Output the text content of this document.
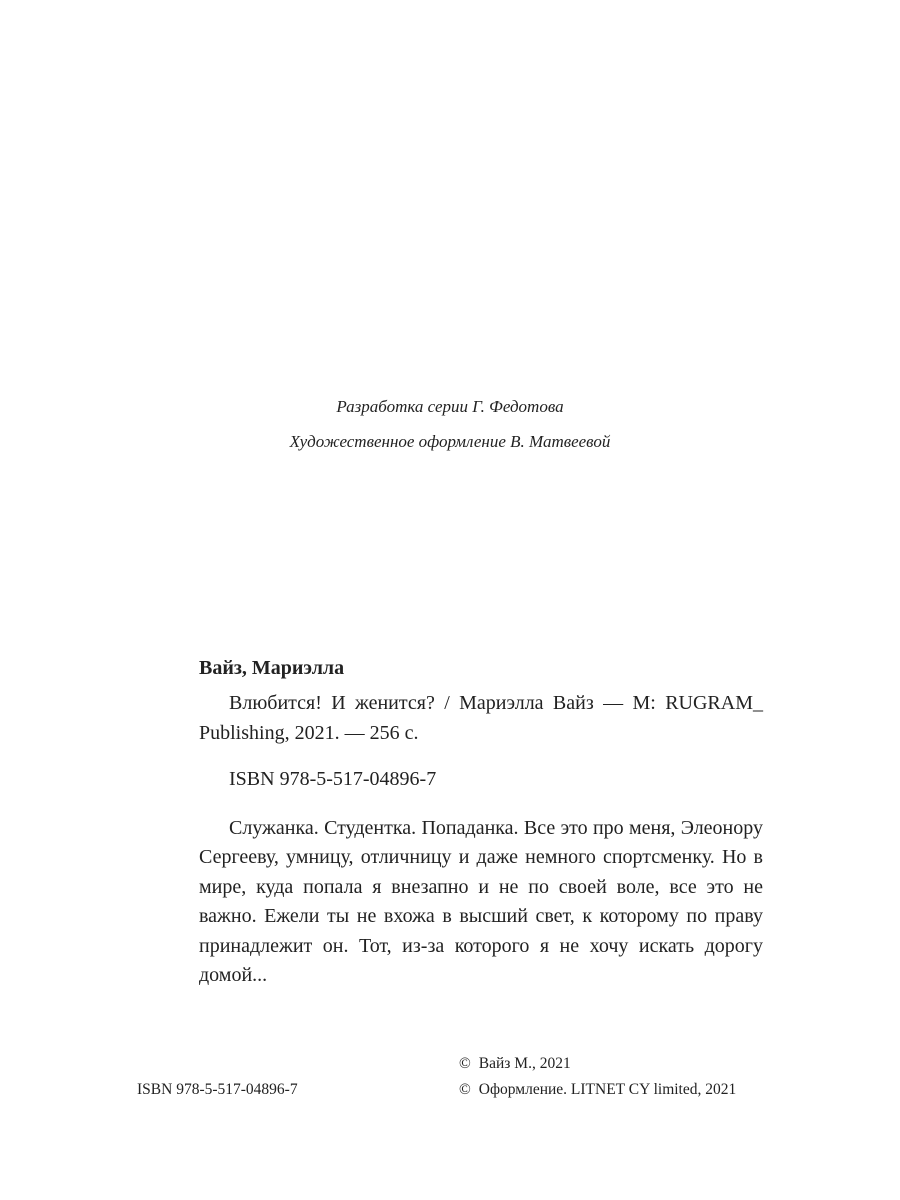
Разработка серии Г. Федотова
Художественное оформление В. Матвеевой
Вайз, Мариэлла
Влюбится! И женится? / Мариэлла Вайз — М: RUGRAM_ Publishing, 2021. — 256 с.
ISBN 978-5-517-04896-7
Служанка. Студентка. Попаданка. Все это про меня, Элеонору Сергееву, умницу, отличницу и даже немного спортсменку. Но в мире, куда попала я внезапно и не по своей воле, все это не важно. Ежели ты не вхожа в высший свет, к которому по праву принадлежит он. Тот, из-за которого я не хочу искать дорогу домой...
ISBN 978-5-517-04896-7
© Вайз М., 2021
© Оформление. LITNET CY limited, 2021
